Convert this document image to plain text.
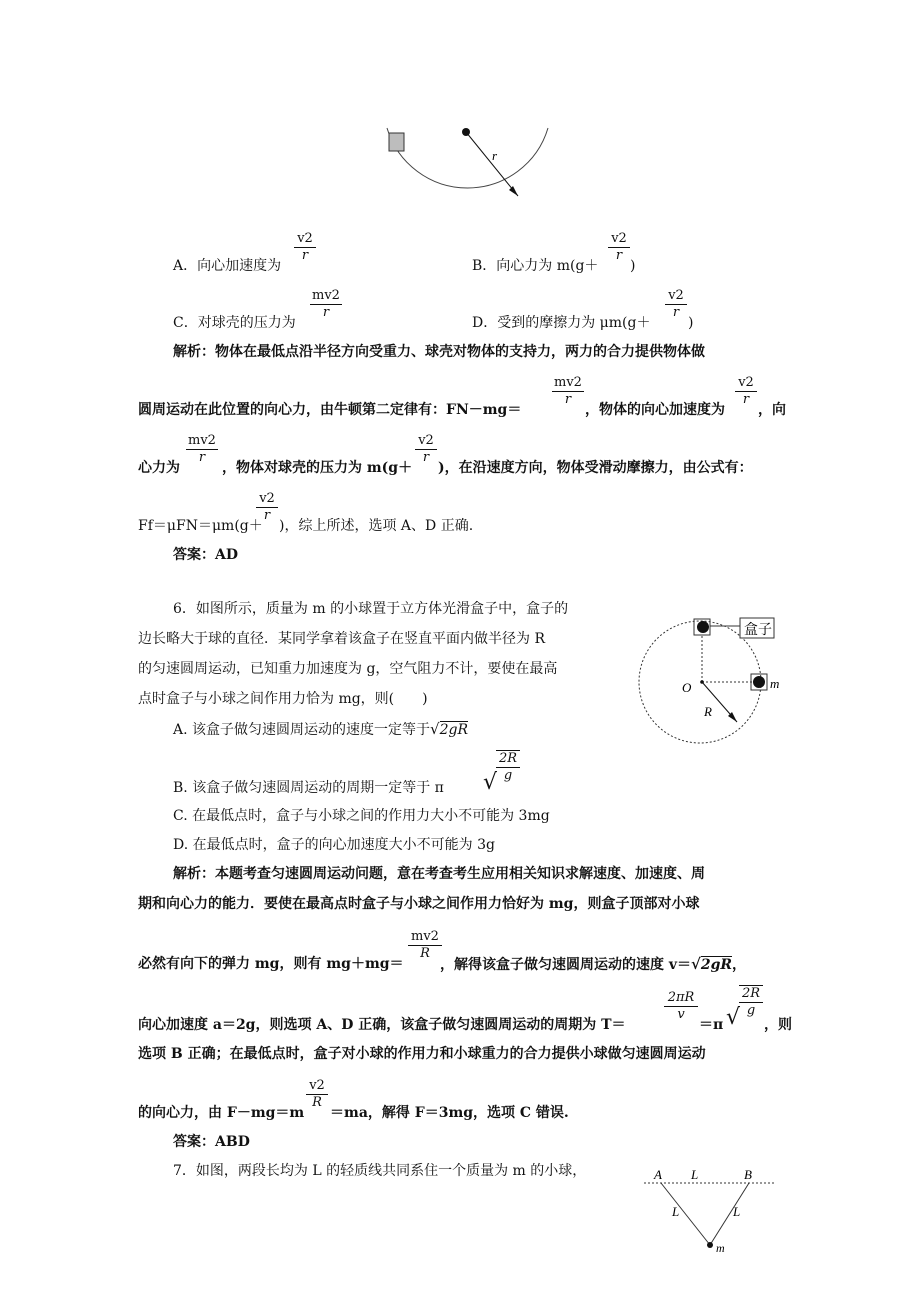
r
A．向心加速度为
$\frac{v2}{r}$
B．向心力为 m(g＋
$\frac{v2}{r}$
)
C．对球壳的压力为
$\frac{mv2}{r}$
D．受到的摩擦力为 μm(g＋
$\frac{v2}{r}$
)
解析：物体在最低点沿半径方向受重力、球壳对物体的支持力，两力的合力提供物体做
圆周运动在此位置的向心力，由牛顿第二定律有：FN－mg＝
$\frac{mv2}{r}$
，物体的向心加速度为
$\frac{v2}{r}$
，向
心力为
$\frac{mv2}{r}$
，物体对球壳的压力为 m(g＋
$\frac{v2}{r}$
)，在沿速度方向，物体受滑动摩擦力，由公式有：
Ff＝μFN＝μm(g＋
$\frac{v2}{r}$
)，综上所述，选项 A、D 正确.
答案：AD
6．如图所示，质量为 m 的小球置于立方体光滑盒子中，盒子的
边长略大于球的直径．某同学拿着该盒子在竖直平面内做半径为 R
的匀速圆周运动，已知重力加速度为 g，空气阻力不计，要使在最高
点时盒子与小球之间作用力恰为 mg，则(　　)
盒子
O	m
R
A. 该盒子做匀速圆周运动的速度一定等于√2gR
B. 该盒子做匀速圆周运动的周期一定等于 π √
$\frac{2R}{g}$
C. 在最低点时，盒子与小球之间的作用力大小不可能为 3mg
D. 在最低点时，盒子的向心加速度大小不可能为 3g
解析：本题考查匀速圆周运动问题，意在考查考生应用相关知识求解速度、加速度、周
期和向心力的能力．要使在最高点时盒子与小球之间作用力恰好为 mg，则盒子顶部对小球
必然有向下的弹力 mg，则有 mg＋mg＝
$\frac{mv2}{R}$
，解得该盒子做匀速圆周运动的速度 v＝√2gR，
向心加速度 a＝2g，则选项 A、D 正确，该盒子做匀速圆周运动的周期为 T＝
$\frac{2\pi R}{v}$
＝π √
$\frac{2R}{g}$
，则
选项 B 正确；在最低点时，盒子对小球的作用力和小球重力的合力提供小球做匀速圆周运动
的向心力，由 F－mg＝m
$\frac{v2}{R}$
＝ma，解得 F＝3mg，选项 C 错误.
答案：ABD
7．如图，两段长均为 L 的轻质线共同系住一个质量为 m 的小球，	A	B
L
L	L
m
